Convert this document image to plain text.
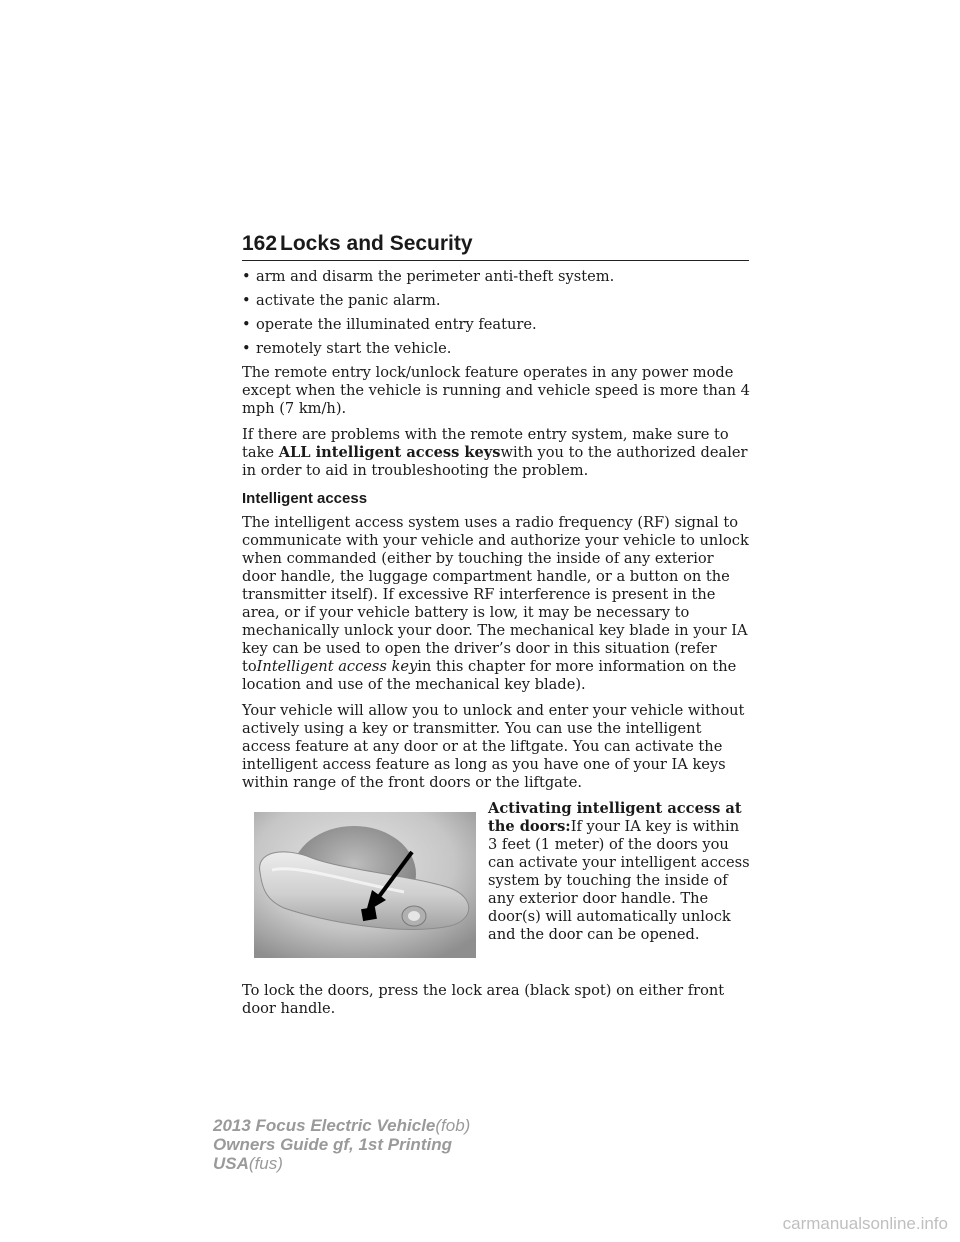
162 Locks and Security
• arm and disarm the perimeter anti-theft system.
• activate the panic alarm.
• operate the illuminated entry feature.
• remotely start the vehicle.

The remote entry lock/unlock feature operates in any power mode except when the vehicle is running and vehicle speed is more than 4 mph (7 km/h).

If there are problems with the remote entry system, make sure to take ALL intelligent access keyswith you to the authorized dealer in order to aid in troubleshooting the problem.

Intelligent access

The intelligent access system uses a radio frequency (RF) signal to communicate with your vehicle and authorize your vehicle to unlock when commanded (either by touching the inside of any exterior door handle, the luggage compartment handle, or a button on the transmitter itself). If excessive RF interference is present in the area, or if your vehicle battery is low, it may be necessary to mechanically unlock your door. The mechanical key blade in your IA key can be used to open the driver’s door in this situation (refer toIntelligent access keyin this chapter for more information on the location and use of the mechanical key blade).

Your vehicle will allow you to unlock and enter your vehicle without actively using a key or transmitter. You can use the intelligent access feature at any door or at the liftgate. You can activate the intelligent access feature as long as you have one of your IA keys within range of the front doors or the liftgate.

Activating intelligent access at the doors:If your IA key is within 3 feet (1 meter) of the doors you can activate your intelligent access system by touching the inside of any exterior door handle. The door(s) will automatically unlock and the door can be opened.

To lock the doors, press the lock area (black spot) on either front door handle.

2013 Focus Electric Vehicle(fob)
Owners Guide gf, 1st Printing
USA(fus)
carmanualsonline.info
